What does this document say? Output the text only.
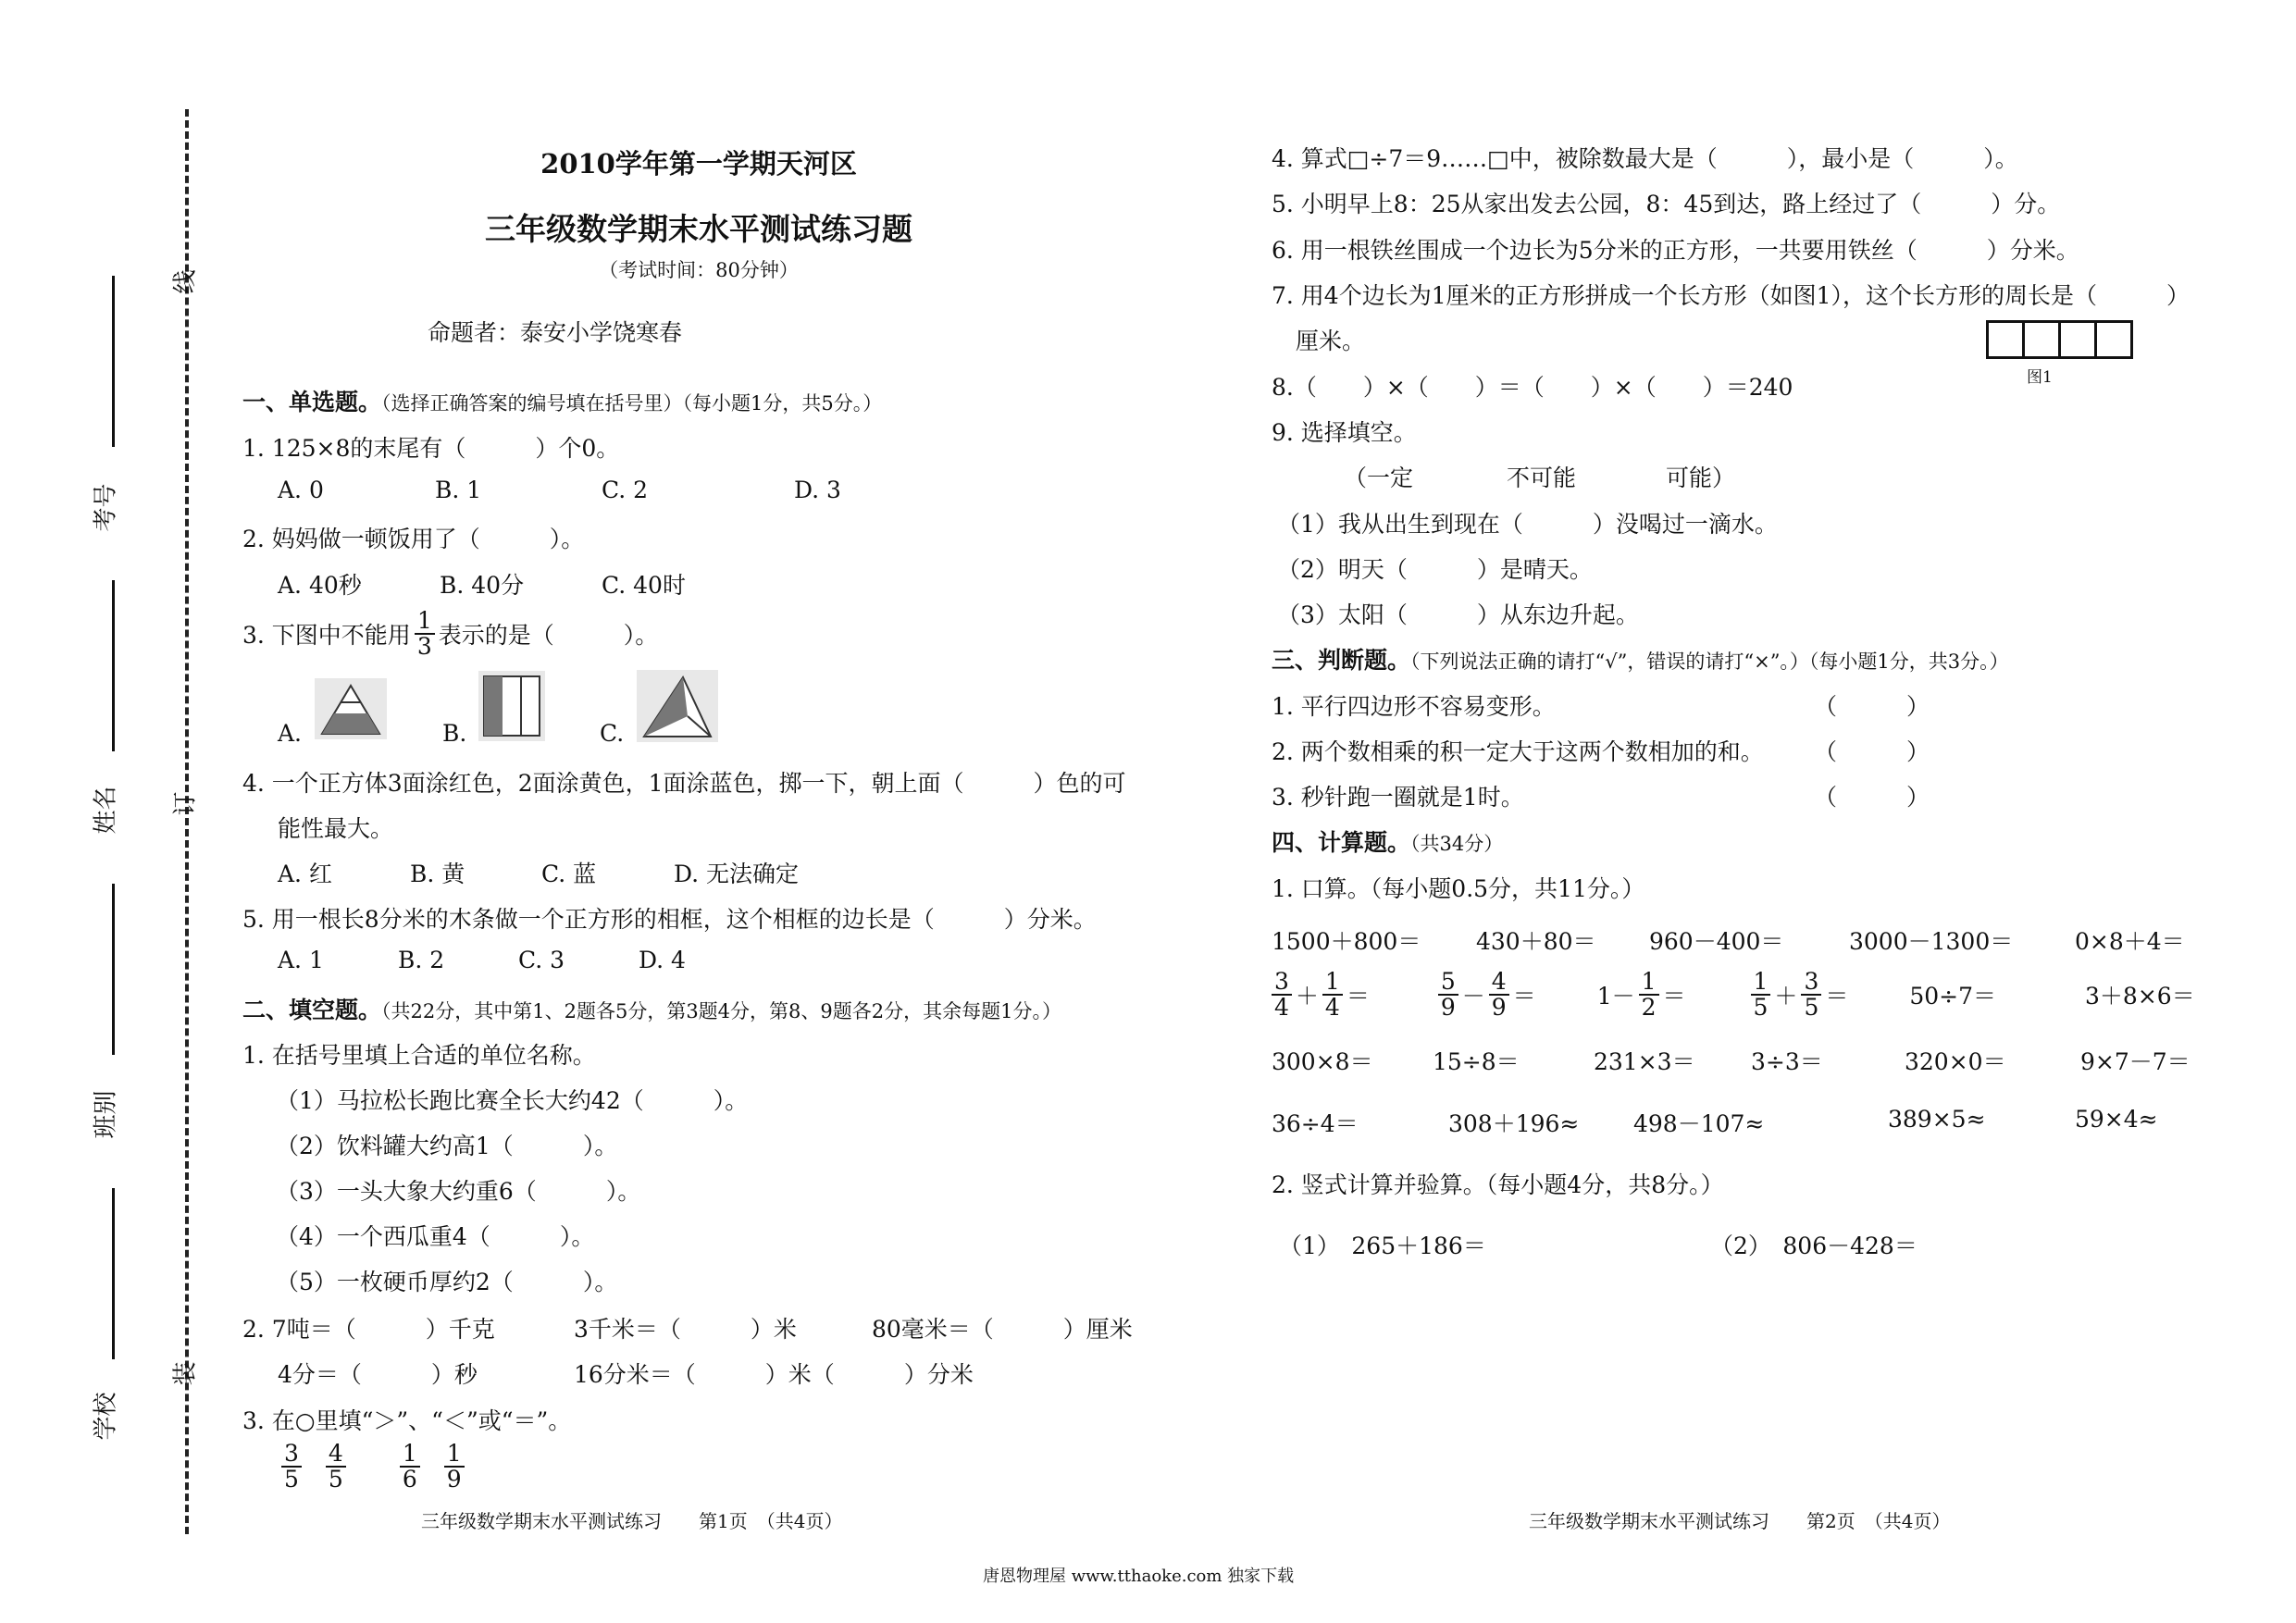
考号
姓名
班别
学校
线
订
装
2010学年第一学期天河区
三年级数学期末水平测试练习题
（考试时间：80分钟）
命题者：泰安小学饶寒春
一、单选题。（选择正确答案的编号填在括号里）（每小题1分，共5分。）
1. 125×8的末尾有（　　　）个0。
A. 0	B. 1	C. 2	D. 3
2. 妈妈做一顿饭用了（　　　）。
A. 40秒	B. 40分	C. 40时
3. 下图中不能用 $\frac{1}{3}$ 表示的是（　　　）。
A.	B.	C.
4. 一个正方体3面涂红色，2面涂黄色，1面涂蓝色，掷一下，朝上面（　　　）色的可
能性最大。
A. 红	B. 黄	C. 蓝	D. 无法确定
5. 用一根长8分米的木条做一个正方形的相框，这个相框的边长是（　　　）分米。
A. 1	B. 2	C. 3	D. 4
二、填空题。（共22分，其中第1、2题各5分，第3题4分，第8、9题各2分，其余每题1分。）
1. 在括号里填上合适的单位名称。
（1）马拉松长跑比赛全长大约42（　　　）。
（2）饮料罐大约高1（　　　）。
（3）一头大象大约重6（　　　）。
（4）一个西瓜重4（　　　）。
（5）一枚硬币厚约2（　　　）。
2. 7吨＝（　　　）千克	3千米＝（　　　）米	80毫米＝（　　　）厘米
4分＝（　　　）秒	16分米＝（　　　）米（　　　）分米
3. 在○里填“＞”、“＜”或“＝”。
$\frac{3}{5} \frac{4}{5} \frac{1}{6} \frac{1}{9}$
4. 算式□÷7＝9……□中，被除数最大是（　　　），最小是（　　　）。
5. 小明早上8：25从家出发去公园，8：45到达，路上经过了（　　　）分。
6. 用一根铁丝围成一个边长为5分米的正方形，一共要用铁丝（　　　）分米。
7. 用4个边长为1厘米的正方形拼成一个长方形（如图1），这个长方形的周长是（　　　）
厘米。
图1
8.（　　）×（　　）＝（　　）×（　　）＝240
9. 选择填空。
（一定	不可能	可能）
（1）我从出生到现在（　　　）没喝过一滴水。
（2）明天（　　　）是晴天。
（3）太阳（　　　）从东边升起。
三、判断题。（下列说法正确的请打“√”，错误的请打“×”。）（每小题1分，共3分。）
1. 平行四边形不容易变形。	（　　　）
2. 两个数相乘的积一定大于这两个数相加的和。 （　　　）
3. 秒针跑一圈就是1时。	（　　　）
四、计算题。（共34分）
1. 口算。（每小题0.5分，共11分。）
1500＋800＝ 430＋80＝ 960－400＝	3000－1300＝	0×8＋4＝
$\frac{3}{4} + \frac{1}{4}$ ＝	$\frac{5}{9} - \frac{4}{9}$ ＝	$1- \frac{1}{2}$ ＝	$\frac{1}{5} + \frac{3}{5}$ ＝	50÷7＝	3＋8×6＝
300×8＝	15÷8＝	231×3＝ 3÷3＝	320×0＝	9×7－7＝
36÷4＝	308＋196≈ 498－107≈	389×5≈	59×4≈
2. 竖式计算并验算。（每小题4分，共8分。）
（1）　265＋186＝	（2）　806－428＝
三年级数学期末水平测试练习　　第1页　（共4页）	三年级数学期末水平测试练习　　第2页　（共4页）
唐恩物理屋 www.tthaoke.com 独家下载
